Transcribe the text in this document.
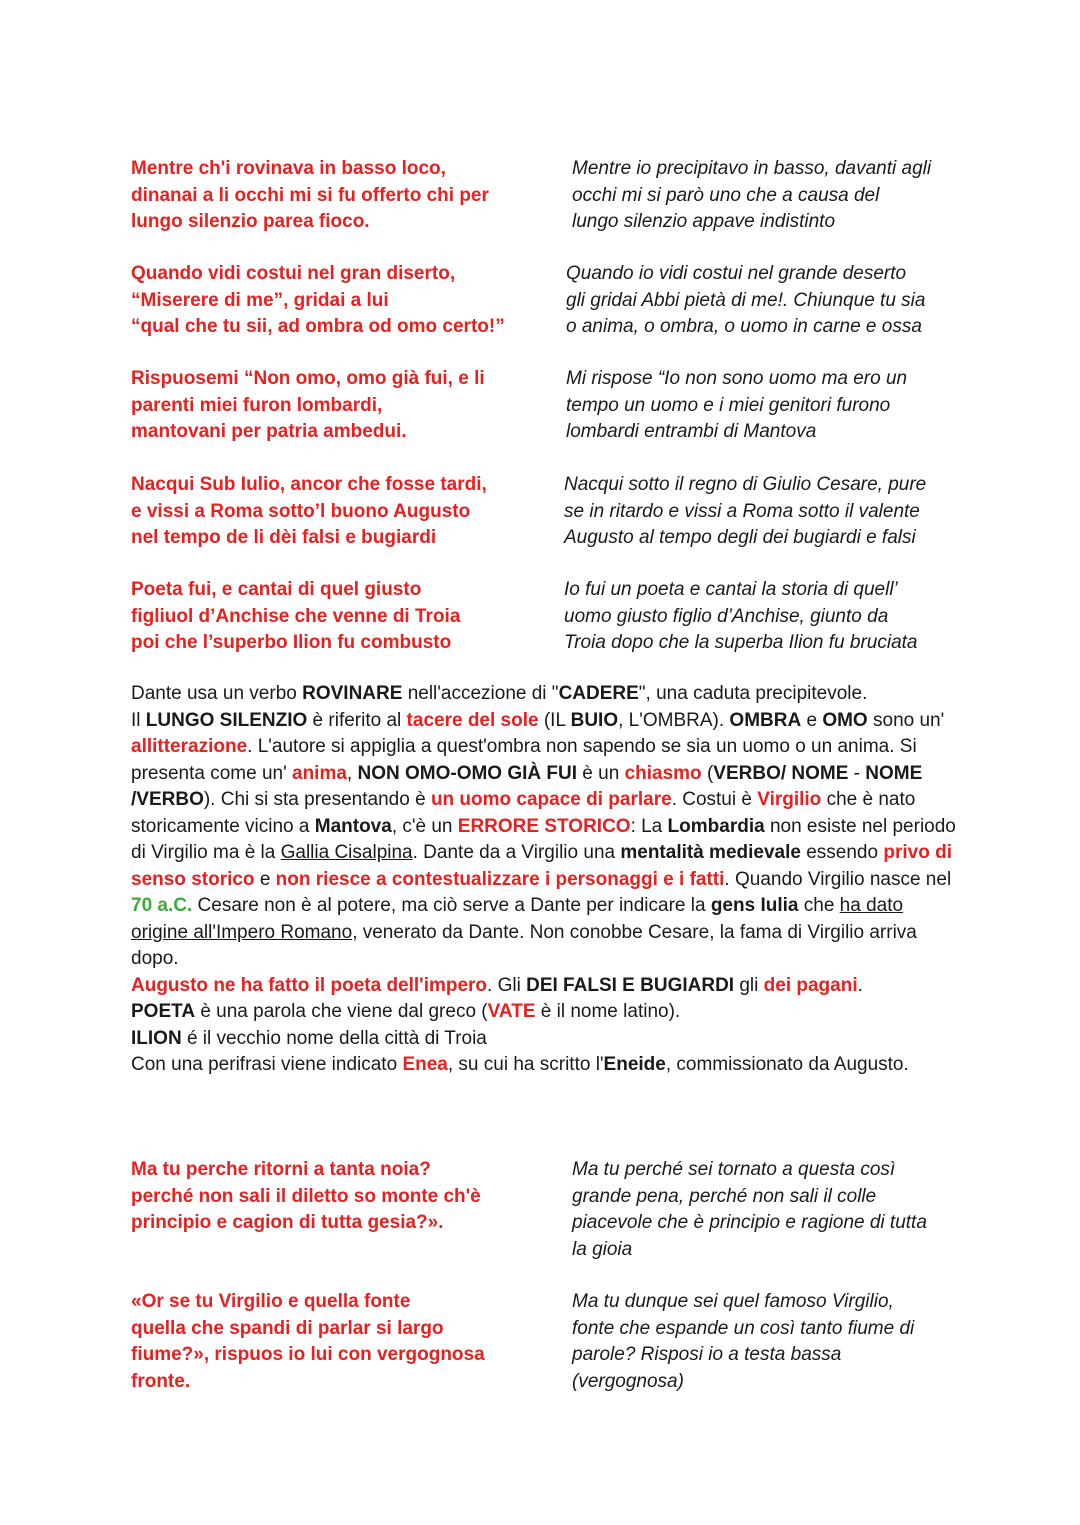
Mentre ch'i rovinava in basso loco,
dinanai a li occhi mi si fu offerto chi per
lungo silenzio parea fioco.
Mentre io precipitavo in basso, davanti agli
occhi mi si parò uno che a causa del
lungo silenzio appave indistinto
Quando vidi costui nel gran diserto,
“Miserere di me”, gridai a lui
“qual che tu sii, ad ombra od omo certo!”
Quando io vidi costui nel grande deserto
gli gridai Abbi pietà di me!. Chiunque tu sia
o anima, o ombra, o uomo in carne e ossa
Rispuosemi “Non omo, omo già fui, e li
parenti miei furon lombardi,
mantovani per patria ambedui.
Mi rispose “Io non sono uomo ma ero un
tempo un uomo e i miei genitori furono
lombardi entrambi di Mantova
Nacqui Sub Iulio, ancor che fosse tardi,
e vissi a Roma sotto’l buono Augusto
nel tempo de li dèi falsi e bugiardi
Nacqui sotto il regno di Giulio Cesare, pure
se in ritardo e vissi a Roma sotto il valente
Augusto al tempo degli dei bugiardi e falsi
Poeta fui, e cantai di quel giusto
figliuol d’Anchise che venne di Troia
poi che l’superbo Ilion fu combusto
Io fui un poeta e cantai la storia di quell’
uomo giusto figlio d’Anchise, giunto da
Troia dopo che la superba Ilion fu bruciata

Dante usa un verbo ROVINARE nell'accezione di "CADERE", una caduta precipitevole.
Il LUNGO SILENZIO è riferito al tacere del sole (IL BUIO, L'OMBRA). OMBRA e OMO sono un' allitterazione. L'autore si appiglia a quest'ombra non sapendo se sia un uomo o un anima. Si presenta come un' anima, NON OMO-OMO GIÀ FUI è un chiasmo (VERBO/ NOME - NOME /VERBO). Chi si sta presentando è un uomo capace di parlare. Costui è Virgilio che è nato storicamente vicino a Mantova, c'è un ERRORE STORICO: La Lombardia non esiste nel periodo di Virgilio ma è la Gallia Cisalpina. Dante da a Virgilio una mentalità medievale essendo privo di senso storico e non riesce a contestualizzare i personaggi e i fatti. Quando Virgilio nasce nel 70 a.C. Cesare non è al potere, ma ciò serve a Dante per indicare la gens Iulia che ha dato origine all'Impero Romano, venerato da Dante. Non conobbe Cesare, la fama di Virgilio arriva dopo.

Augusto ne ha fatto il poeta dell'impero. Gli DEI FALSI E BUGIARDI gli dei pagani.

POETA è una parola che viene dal greco (VATE è il nome latino).

ILION é il vecchio nome della città di Troia

Con una perifrasi viene indicato Enea, su cui ha scritto l'Eneide, commissionato da Augusto.

Ma tu perche ritorni a tanta noia?
perché non sali il diletto so monte ch'è
principio e cagion di tutta gesia?».
Ma tu perché sei tornato a questa così
grande pena, perché non sali il colle
piacevole che è principio e ragione di tutta
la gioia
«Or se tu Virgilio e quella fonte
quella che spandi di parlar si largo
fiume?», rispuos io lui con vergognosa
fronte.
Ma tu dunque sei quel famoso Virgilio,
fonte che espande un così tanto fiume di
parole? Risposi io a testa bassa
(vergognosa)
